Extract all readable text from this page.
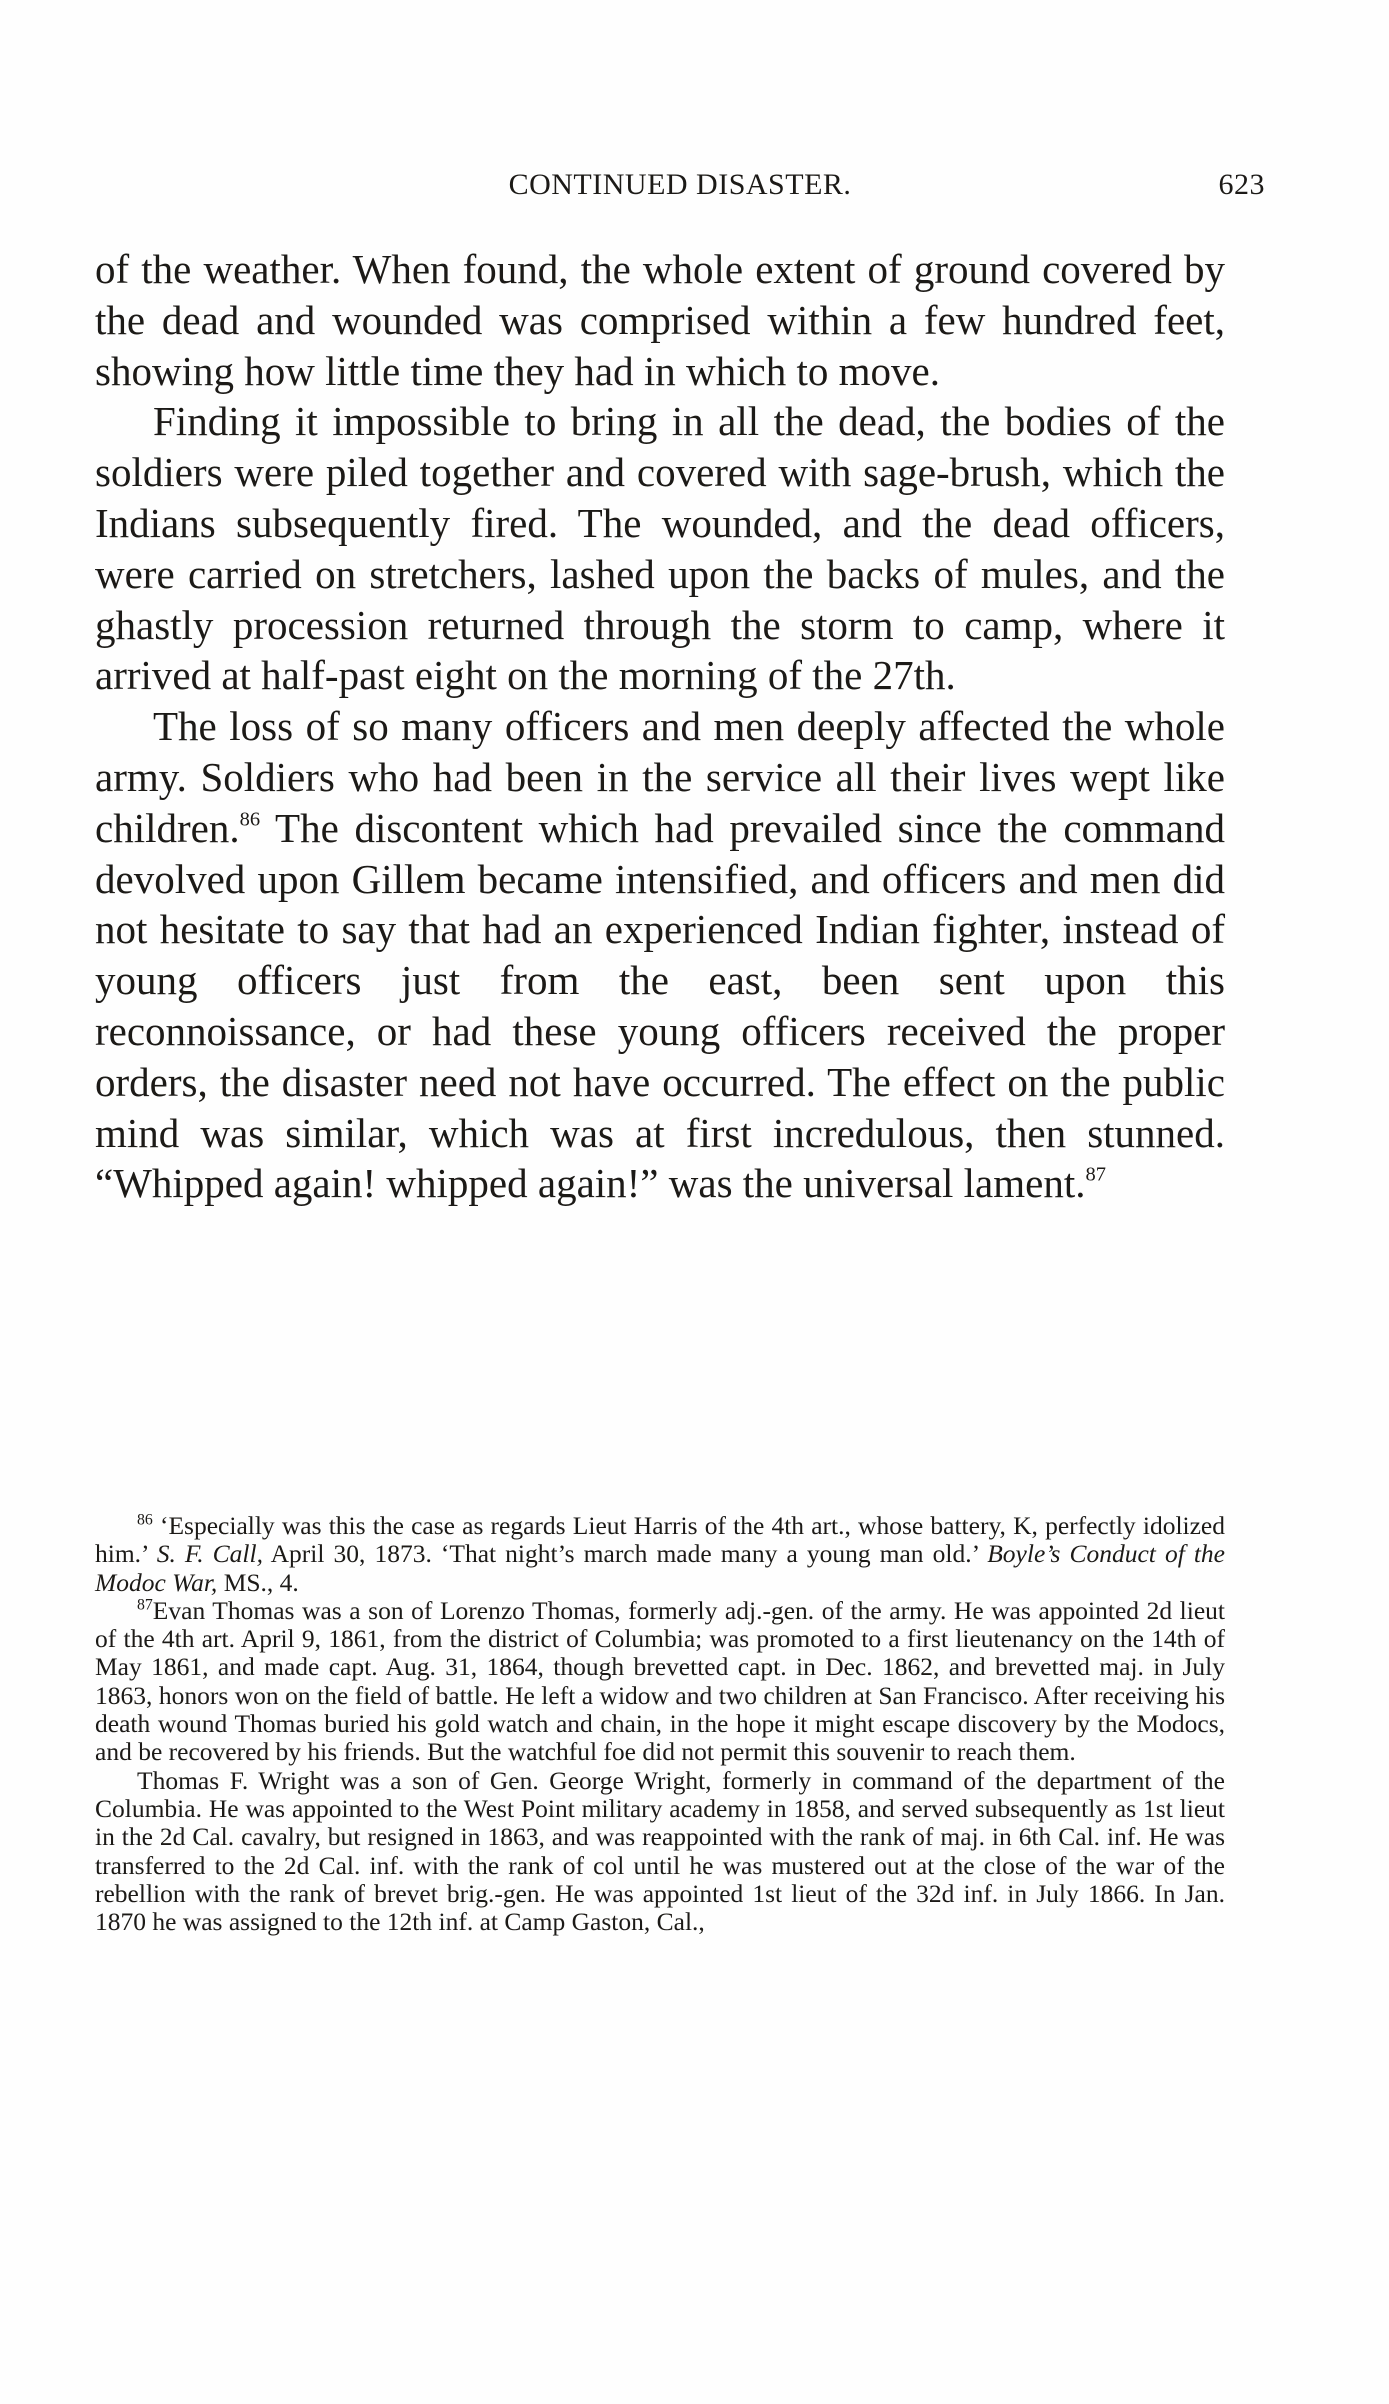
CONTINUED DISASTER.	623

of the weather. When found, the whole extent of ground covered by the dead and wounded was comprised within a few hundred feet, showing how little time they had in which to move.

Finding it impossible to bring in all the dead, the bodies of the soldiers were piled together and covered with sage-brush, which the Indians subsequently fired. The wounded, and the dead officers, were carried on stretchers, lashed upon the backs of mules, and the ghastly procession returned through the storm to camp, where it arrived at half-past eight on the morning of the 27th.

The loss of so many officers and men deeply affected the whole army. Soldiers who had been in the service all their lives wept like children.$^{86}$ The discontent which had prevailed since the command devolved upon Gillem became intensified, and officers and men did not hesitate to say that had an experienced Indian fighter, instead of young officers just from the east, been sent upon this reconnoissance, or had these young officers received the proper orders, the disaster need not have occurred. The effect on the public mind was similar, which was at first incredulous, then stunned. “Whipped again! whipped again!” was the universal lament.$^{87}$

$^{86}$ ‘Especially was this the case as regards Lieut Harris of the 4th art., whose battery, K, perfectly idolized him.’ S. F. Call, April 30, 1873. ‘That night’s march made many a young man old.’ Boyle’s Conduct of the Modoc War, MS., 4.

$^{87}$Evan Thomas was a son of Lorenzo Thomas, formerly adj.-gen. of the army. He was appointed 2d lieut of the 4th art. April 9, 1861, from the district of Columbia; was promoted to a first lieutenancy on the 14th of May 1861, and made capt. Aug. 31, 1864, though brevetted capt. in Dec. 1862, and brevetted maj. in July 1863, honors won on the field of battle. He left a widow and two children at San Francisco. After receiving his death wound Thomas buried his gold watch and chain, in the hope it might escape discovery by the Modocs, and be recovered by his friends. But the watchful foe did not permit this souvenir to reach them.

Thomas F. Wright was a son of Gen. George Wright, formerly in command of the department of the Columbia. He was appointed to the West Point military academy in 1858, and served subsequently as 1st lieut in the 2d Cal. cavalry, but resigned in 1863, and was reappointed with the rank of maj. in 6th Cal. inf. He was transferred to the 2d Cal. inf. with the rank of col until he was mustered out at the close of the war of the rebellion with the rank of brevet brig.-gen. He was appointed 1st lieut of the 32d inf. in July 1866. In Jan. 1870 he was assigned to the 12th inf. at Camp Gaston, Cal.,
